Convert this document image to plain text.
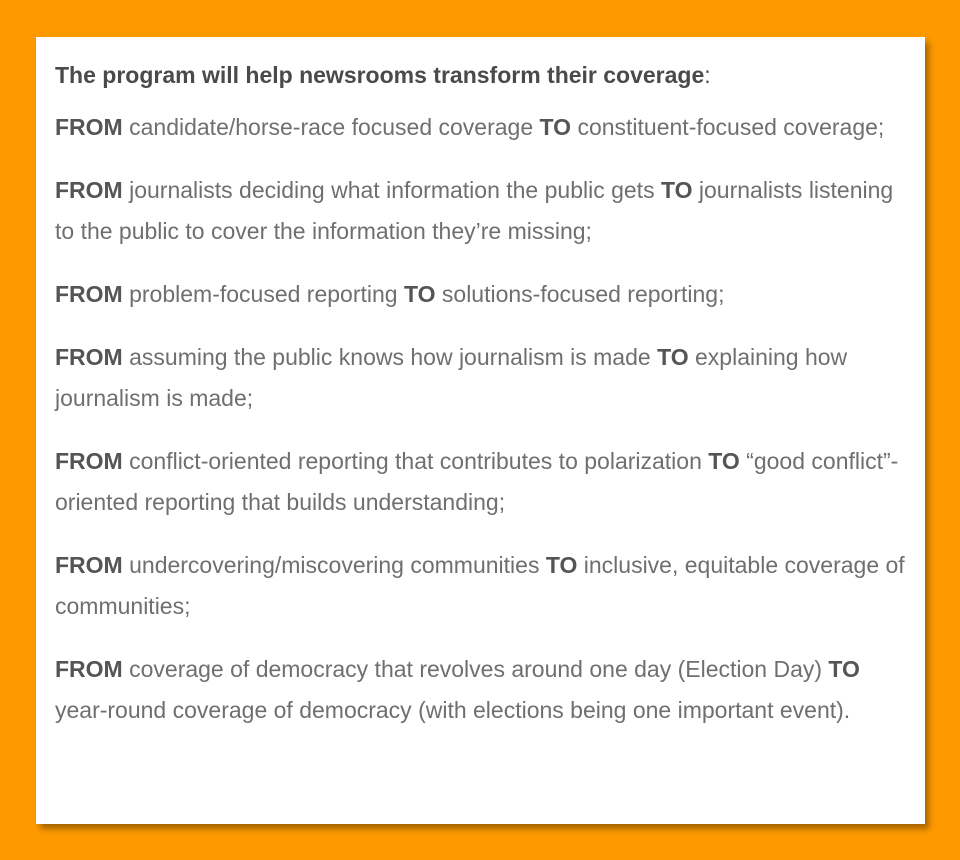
The program will help newsrooms transform their coverage:

FROM candidate/horse-race focused coverage TO constituent-focused coverage;

FROM journalists deciding what information the public gets TO journalists listening to the public to cover the information they’re missing;

FROM problem-focused reporting TO solutions-focused reporting;

FROM assuming the public knows how journalism is made TO explaining how journalism is made;

FROM conflict-oriented reporting that contributes to polarization TO “good conflict”-oriented reporting that builds understanding;

FROM undercovering/miscovering communities TO inclusive, equitable coverage of communities;

FROM coverage of democracy that revolves around one day (Election Day) TO year-round coverage of democracy (with elections being one important event).
